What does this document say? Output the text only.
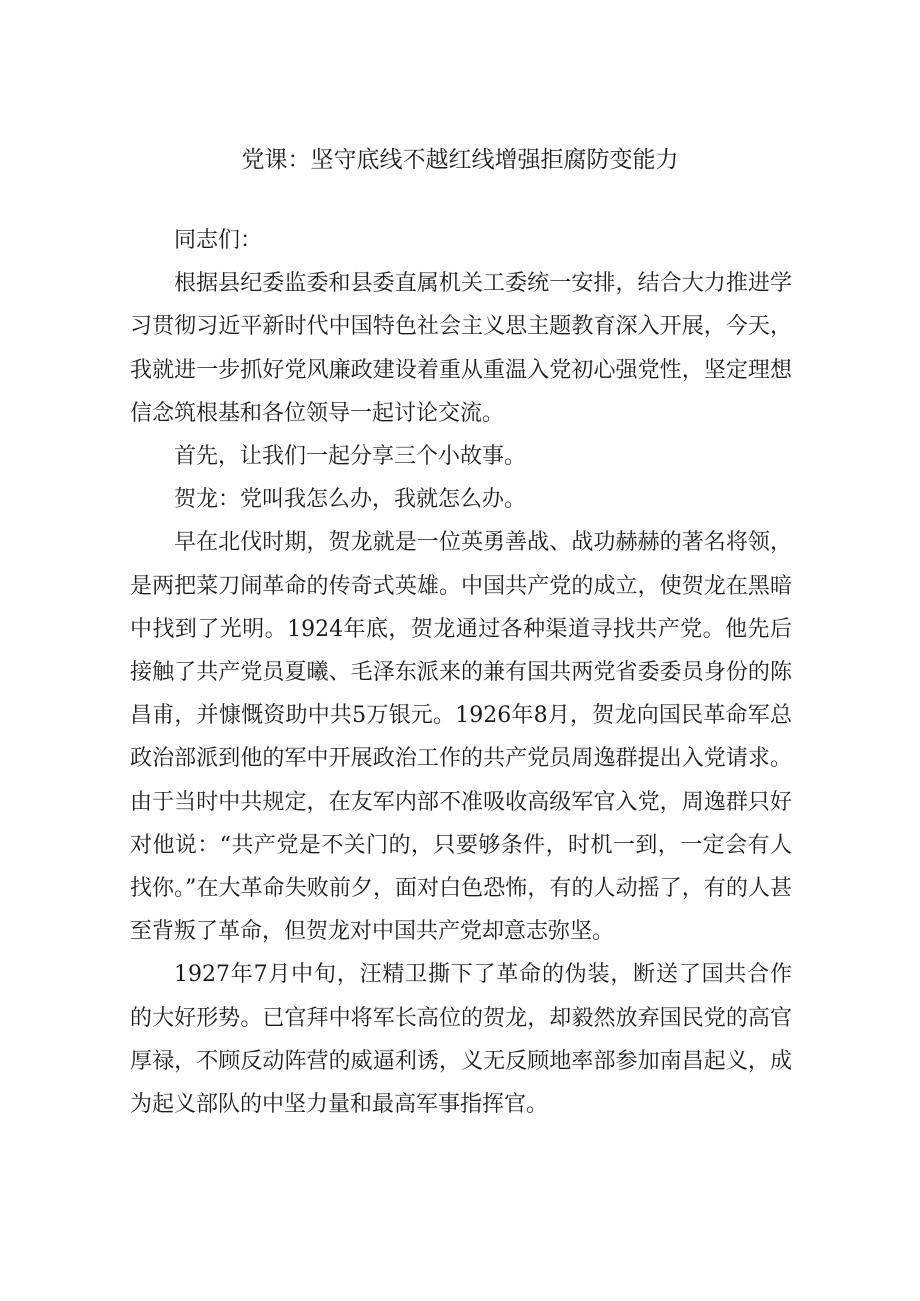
党课：坚守底线不越红线增强拒腐防变能力

同志们：

根据县纪委监委和县委直属机关工委统一安排，结合大力推进学习贯彻习近平新时代中国特色社会主义思主题教育深入开展，今天，我就进一步抓好党风廉政建设着重从重温入党初心强党性，坚定理想信念筑根基和各位领导一起讨论交流。

首先，让我们一起分享三个小故事。

贺龙：党叫我怎么办，我就怎么办。

早在北伐时期，贺龙就是一位英勇善战、战功赫赫的著名将领，是两把菜刀闹革命的传奇式英雄。中国共产党的成立，使贺龙在黑暗中找到了光明。1924年底，贺龙通过各种渠道寻找共产党。他先后接触了共产党员夏曦、毛泽东派来的兼有国共两党省委委员身份的陈昌甫，并慷慨资助中共5万银元。1926年8月，贺龙向国民革命军总政治部派到他的军中开展政治工作的共产党员周逸群提出入党请求。由于当时中共规定，在友军内部不准吸收高级军官入党，周逸群只好对他说：“共产党是不关门的，只要够条件，时机一到，一定会有人找你。”在大革命失败前夕，面对白色恐怖，有的人动摇了，有的人甚至背叛了革命，但贺龙对中国共产党却意志弥坚。

1927年7月中旬，汪精卫撕下了革命的伪装，断送了国共合作的大好形势。已官拜中将军长高位的贺龙，却毅然放弃国民党的高官厚禄，不顾反动阵营的威逼利诱，义无反顾地率部参加南昌起义，成为起义部队的中坚力量和最高军事指挥官。
